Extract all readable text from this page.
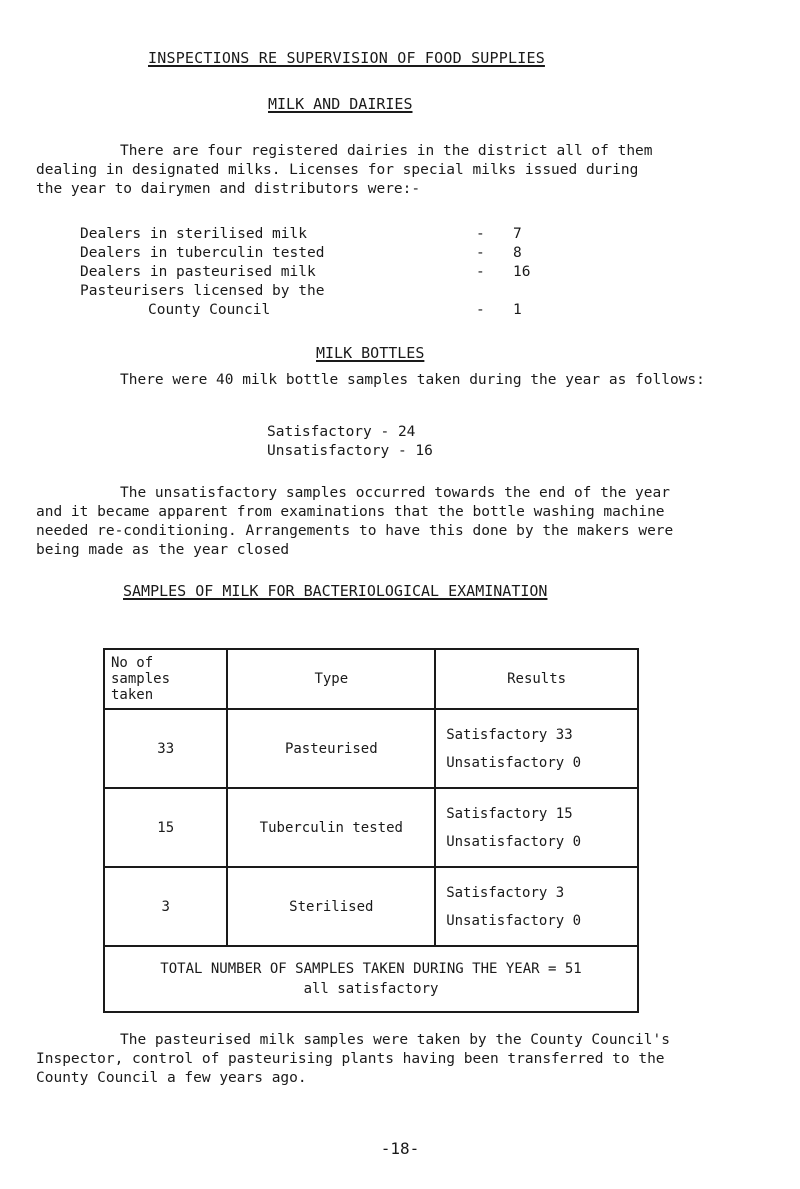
INSPECTIONS RE SUPERVISION OF FOOD SUPPLIES
MILK AND DAIRIES
There are four registered dairies in the district all of them
dealing in designated milks. Licenses for special milks issued during
the year to dairymen and distributors were:-
Dealers in sterilised milk	- 7
Dealers in tuberculin tested	- 8
Dealers in pasteurised milk	- 16
Pasteurisers licensed by the
County Council	- 1
MILK BOTTLES
There were 40 milk bottle samples taken during the year as follows:
Satisfactory - 24
Unsatisfactory - 16
The unsatisfactory samples occurred towards the end of the year
and it became apparent from examinations that the bottle washing machine
needed re-conditioning. Arrangements to have this done by the makers were
being made as the year closed
SAMPLES OF MILK FOR BACTERIOLOGICAL EXAMINATION
No of
samples
taken	Type	Results
33	Pasteurised	Satisfactory 33
Unsatisfactory 0

15	Tuberculin tested	Satisfactory 15
Unsatisfactory 0

3	Sterilised	Satisfactory 3
Unsatisfactory 0

TOTAL NUMBER OF SAMPLES TAKEN DURING THE YEAR = 51
all satisfactory		
The pasteurised milk samples were taken by the County Council's
Inspector, control of pasteurising plants having been transferred to the
County Council a few years ago.
-18-
